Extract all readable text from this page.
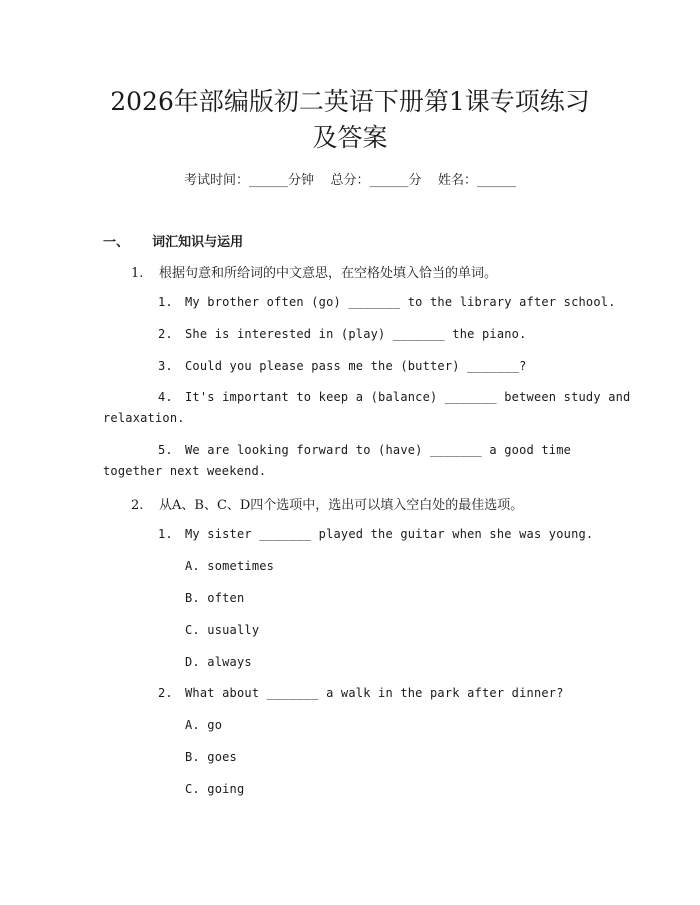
2026年部编版初二英语下册第1课专项练习
及答案
考试时间：______分钟    总分：______分    姓名：______
一、 词汇知识与运用
1. 根据句意和所给词的中文意思，在空格处填入恰当的单词。
1. My brother often (go) _______ to the library after school.
2. She is interested in (play) _______ the piano.
3. Could you please pass me the (butter) _______?
4. It's important to keep a (balance) _______ between study and
relaxation.
5. We are looking forward to (have) _______ a good time
together next weekend.
2. 从A、B、C、D四个选项中，选出可以填入空白处的最佳选项。
1. My sister _______ played the guitar when she was young.
A. sometimes
B. often
C. usually
D. always
2. What about _______ a walk in the park after dinner?
A. go
B. goes
C. going
